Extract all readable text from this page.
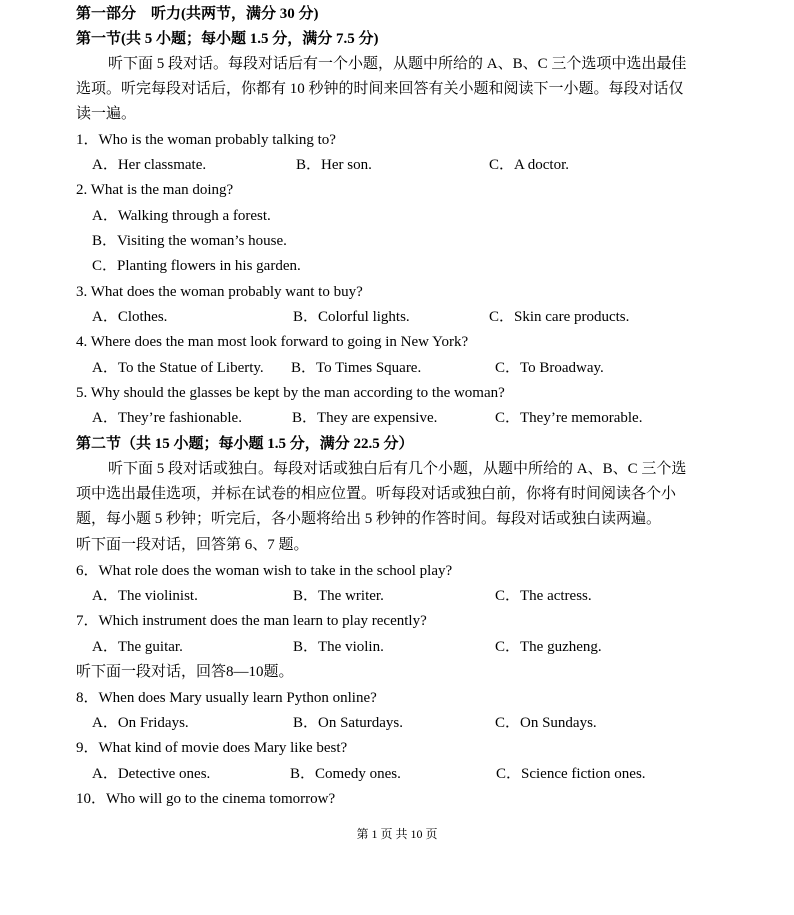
第一部分　听力(共两节，满分 30 分)
第一节(共 5 小题；每小题 1.5 分，满分 7.5 分)
听下面 5 段对话。每段对话后有一个小题，从题中所给的 A、B、C 三个选项中选出最佳
选项。听完每段对话后，你都有 10 秒钟的时间来回答有关小题和阅读下一小题。每段对话仅
读一遍。
1．Who is the woman probably talking to?
A．Her classmate.	B．Her son.	C．A doctor.
2. What is the man doing?
A．Walking through a forest.
B．Visiting the woman’s house.
C．Planting flowers in his garden.
3. What does the woman probably want to buy?
A．Clothes.	B．Colorful lights.	C．Skin care products.
4. Where does the man most look forward to going in New York?
A．To the Statue of Liberty. B．To Times Square.	C．To Broadway.
5. Why should the glasses be kept by the man according to the woman?
A．They’re fashionable.	B．They are expensive.	C．They’re memorable.
第二节（共 15 小题；每小题 1.5 分，满分 22.5 分）
听下面 5 段对话或独白。每段对话或独白后有几个小题，从题中所给的 A、B、C 三个选
项中选出最佳选项，并标在试卷的相应位置。听每段对话或独白前，你将有时间阅读各个小
题，每小题 5 秒钟；听完后，各小题将给出 5 秒钟的作答时间。每段对话或独白读两遍。
听下面一段对话，回答第 6、7 题。
6．What role does the woman wish to take in the school play?
A．The violinist.	B．The writer.	C．The actress.
7．Which instrument does the man learn to play recently?
A．The guitar.	B．The violin.	C．The guzheng.
听下面一段对话，回答8—10题。
8．When does Mary usually learn Python online?
A．On Fridays.	B．On Saturdays.	C．On Sundays.
9．What kind of movie does Mary like best?
A．Detective ones.	B．Comedy ones.	C．Science fiction ones.
10．Who will go to the cinema tomorrow?
第 1 页 共 10 页
